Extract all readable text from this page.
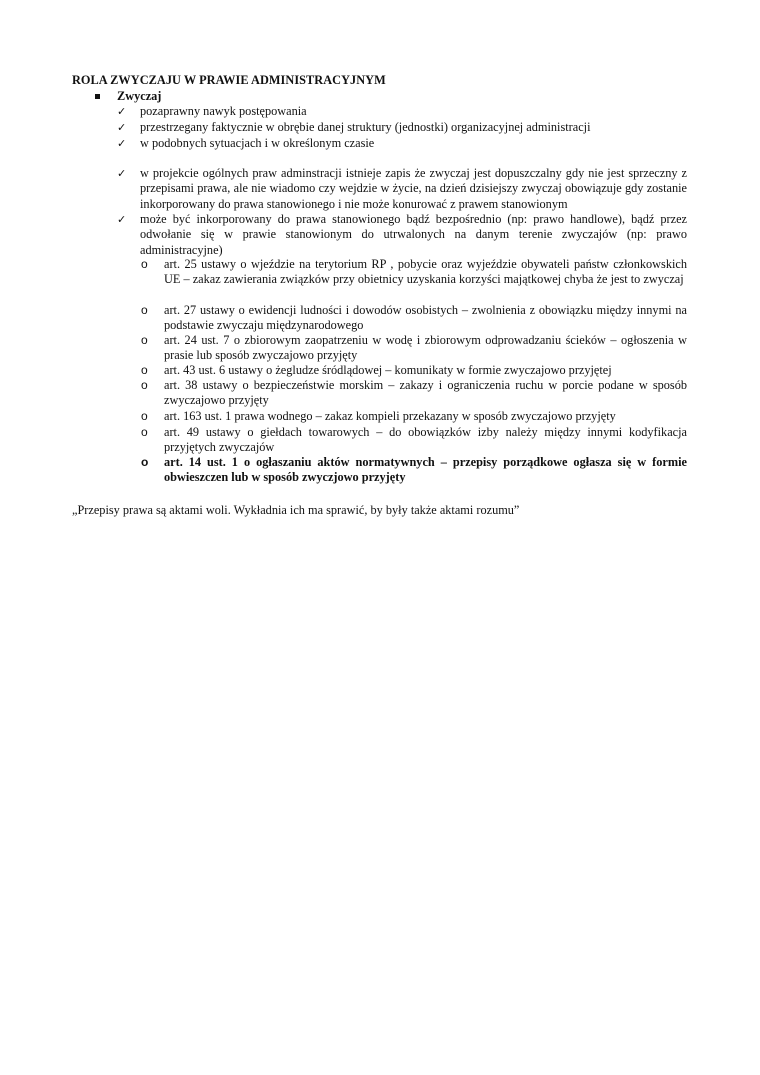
ROLA ZWYCZAJU W PRAWIE ADMINISTRACYJNYM
Zwyczaj
✓ pozaprawny nawyk postępowania
✓ przestrzegany faktycznie w obrębie danej struktury (jednostki) organizacyjnej administracji
✓ w podobnych sytuacjach i w określonym czasie
✓ w projekcie ogólnych praw adminstracji istnieje zapis że zwyczaj jest dopuszczalny gdy nie jest sprzeczny z przepisami prawa, ale nie wiadomo czy wejdzie w życie, na dzień dzisiejszy zwyczaj obowiązuje gdy zostanie inkorporowany do prawa stanowionego i nie może konurować z prawem stanowionym
✓ może być inkorporowany do prawa stanowionego bądź bezpośrednio (np: prawo handlowe), bądź przez odwołanie się w prawie stanowionym do utrwalonych na danym terenie zwyczajów (np: prawo administracyjne)
o art. 25 ustawy o wjeździe na terytorium RP , pobycie oraz wyjeździe obywateli państw członkowskich UE – zakaz zawierania związków przy obietnicy uzyskania korzyści majątkowej chyba że jest to zwyczaj
o art. 27 ustawy o ewidencji ludności i dowodów osobistych – zwolnienia z obowiązku między innymi na podstawie zwyczaju międzynarodowego
o art. 24 ust. 7 o zbiorowym zaopatrzeniu w wodę i zbiorowym odprowadzaniu ścieków – ogłoszenia w prasie lub sposób zwyczajowo przyjęty
o art. 43 ust. 6 ustawy o żegludze śródlądowej – komunikaty w formie zwyczajowo przyjętej
o art. 38 ustawy o bezpieczeństwie morskim – zakazy i ograniczenia ruchu w porcie podane w sposób zwyczajowo przyjęty
o art. 163 ust. 1 prawa wodnego – zakaz kompieli przekazany w sposób zwyczajowo przyjęty
o art. 49 ustawy o giełdach towarowych – do obowiązków izby należy między innymi kodyfikacja przyjętych zwyczajów
o art. 14 ust. 1 o ogłaszaniu aktów normatywnych – przepisy porządkowe ogłasza się w formie obwieszczen lub w sposób zwyczjowo przyjęty
„Przepisy prawa są aktami woli. Wykładnia ich ma sprawić, by były także aktami rozumu”
